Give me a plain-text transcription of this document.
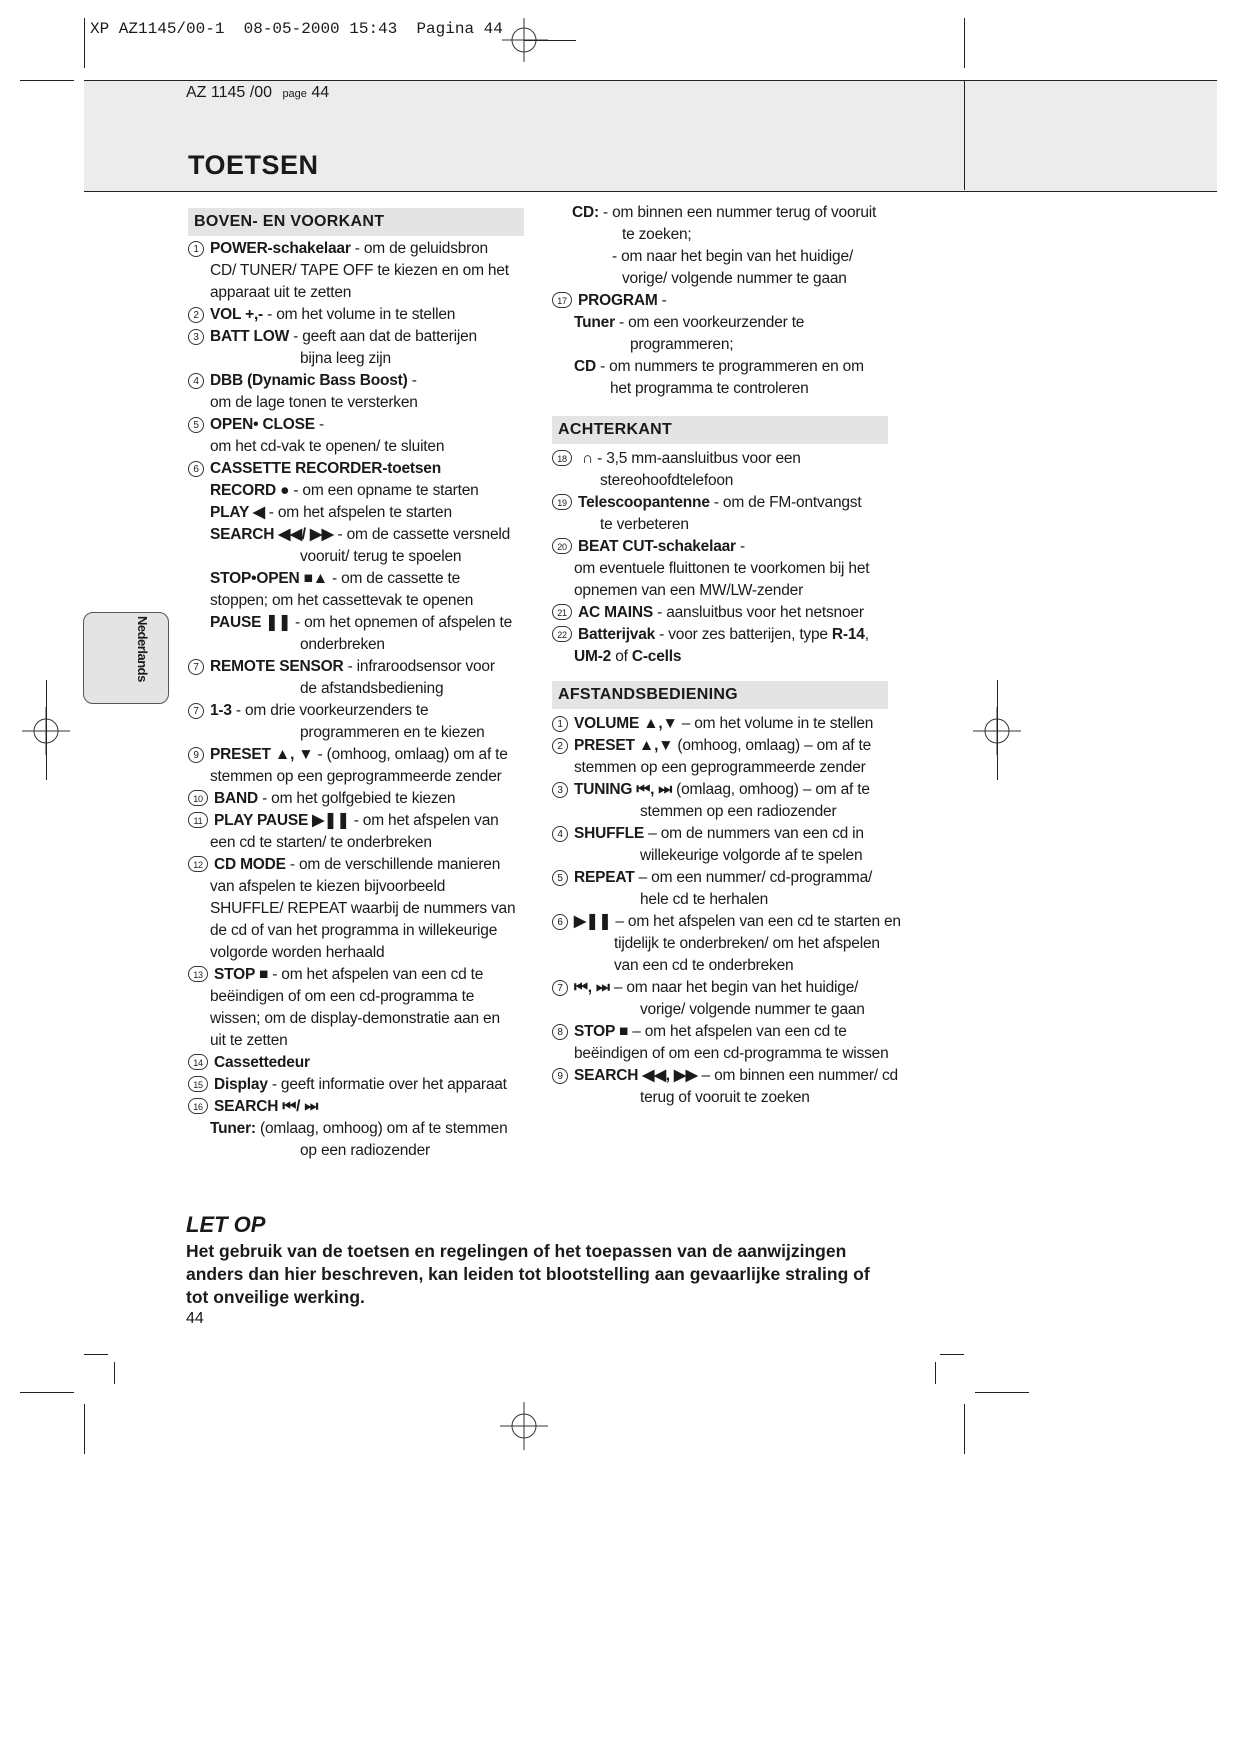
XP AZ1145/00-1  08-05-2000 15:43  Pagina 44
AZ 1145 /00 page 44
TOETSEN
Nederlands
BOVEN- EN VOORKANT
1 POWER-schakelaar - om de geluidsbron
CD/ TUNER/ TAPE OFF te kiezen en om het
apparaat uit te zetten
2 VOL +,- - om het volume in te stellen
3 BATT LOW - geeft aan dat de batterijen
bijna leeg zijn
4 DBB (Dynamic Bass Boost) -
om de lage tonen te versterken
5 OPEN• CLOSE -
om het cd-vak te openen/ te sluiten
6 CASSETTE RECORDER-toetsen
RECORD ● - om een opname te starten
PLAY ◀ - om het afspelen te starten
SEARCH ◀◀/ ▶▶ - om de cassette versneld
vooruit/ terug te spoelen
STOP•OPEN ■▲ - om de cassette te
stoppen; om het cassettevak te openen
PAUSE ❚❚ - om het opnemen of afspelen te
onderbreken
7 REMOTE SENSOR - infraroodsensor voor
de afstandsbediening
7 1-3 - om drie voorkeurzenders te
programmeren en te kiezen
9 PRESET ▲, ▼ - (omhoog, omlaag) om af te
stemmen op een geprogrammeerde zender
10 BAND - om het golfgebied te kiezen
11 PLAY PAUSE ▶❚❚ - om het afspelen van
een cd te starten/ te onderbreken
12 CD MODE - om de verschillende manieren
van afspelen te kiezen bijvoorbeeld
SHUFFLE/ REPEAT waarbij de nummers van
de cd of van het programma in willekeurige
volgorde worden herhaald
13 STOP ■ - om het afspelen van een cd te
beëindigen of om een cd-programma te
wissen; om de display-demonstratie aan en
uit te zetten
14 Cassettedeur
15 Display - geeft informatie over het apparaat
16 SEARCH ⏮/ ⏭
Tuner: (omlaag, omhoog) om af te stemmen
op een radiozender
CD: - om binnen een nummer terug of vooruit
te zoeken;
- om naar het begin van het huidige/
vorige/ volgende nummer te gaan
17 PROGRAM -
Tuner - om een voorkeurzender te
programmeren;
CD - om nummers te programmeren en om
het programma te controleren
18 ∩ - 3,5 mm-aansluitbus voor een
stereohoofdtelefoon
19 Telescoopantenne - om de FM-ontvangst
te verbeteren
20 BEAT CUT-schakelaar -
om eventuele fluittonen te voorkomen bij het
opnemen van een MW/LW-zender
21 AC MAINS - aansluitbus voor het netsnoer
22 Batterijvak - voor zes batterijen, type R-14,
UM-2 of C-cells
1 VOLUME ▲,▼ – om het volume in te stellen
2 PRESET ▲,▼ (omhoog, omlaag) – om af te
stemmen op een geprogrammeerde zender
3 TUNING ⏮, ⏭ (omlaag, omhoog) – om af te
stemmen op een radiozender
4 SHUFFLE – om de nummers van een cd in
willekeurige volgorde af te spelen
5 REPEAT – om een nummer/ cd-programma/
hele cd te herhalen
6 ▶❚❚ – om het afspelen van een cd te starten en
tijdelijk te onderbreken/ om het afspelen
van een cd te onderbreken
7 ⏮, ⏭ – om naar het begin van het huidige/
vorige/ volgende nummer te gaan
8 STOP ■ – om het afspelen van een cd te
beëindigen of om een cd-programma te wissen
9 SEARCH ◀◀, ▶▶ – om binnen een nummer/ cd
terug of vooruit te zoeken
ACHTERKANT
AFSTANDSBEDIENING
LET OP
Het gebruik van de toetsen en regelingen of het toepassen van de aanwijzingen anders dan hier beschreven, kan leiden tot blootstelling aan gevaarlijke straling of tot onveilige werking.
44
